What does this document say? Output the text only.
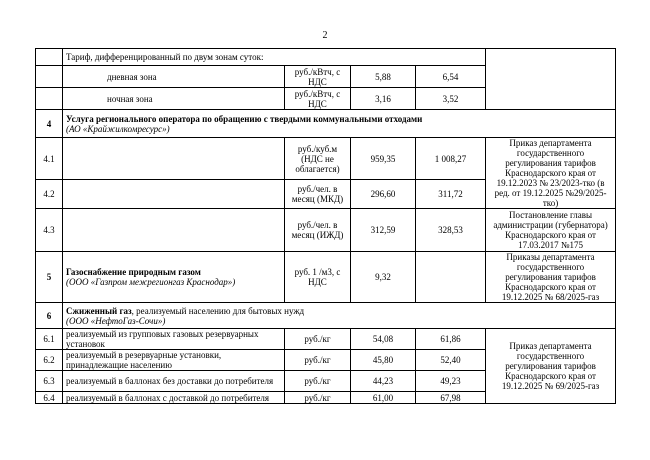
2
	Тариф, дифференцированный по двум зонам суток:				
	дневная зона	руб./кВтч, с НДС	5,88	6,54	
	ночная зона	руб./кВтч, с НДС	3,16	3,52	
4	Услуга регионального оператора по обращению с твердыми коммунальными отходами
(АО «Крайжилкомресурс»)				
4.1		руб./куб.м (НДС не облагается)	959,35	1 008,27	Приказ департамента государственного регулирования тарифов Краснодарского края от 19.12.2023 № 23/2023-тко (в ред. от 19.12.2025 №29/2025-тко)
4.2		руб./чел. в месяц (МКД)	296,60	311,72	
4.3		руб./чел. в месяц (ИЖД)	312,59	328,53	Постановление главы администрации (губернатора) Краснодарского края от 17.03.2017 №175
5	Газоснабжение природным газом
(ООО «Газпром межрегионгаз Краснодар»)	руб. 1 /м3, с НДС	9,32		Приказы департамента государственного регулирования тарифов Краснодарского края от 19.12.2025 № 68/2025-газ
6	Сжиженный газ, реализуемый населению для бытовых нужд
(ООО «НефтоГаз-Сочи»)				
6.1	реализуемый из групповых газовых резервуарных установок	руб./кг	54,08	61,86	Приказ департамента государственного регулирования тарифов Краснодарского края от 19.12.2025 № 69/2025-газ
6.2	реализуемый в резервуарные установки, принадлежащие населению	руб./кг	45,80	52,40	
6.3	реализуемый в баллонах без доставки до потребителя	руб./кг	44,23	49,23	
6.4	реализуемый в баллонах с доставкой до потребителя	руб./кг	61,00	67,98	
